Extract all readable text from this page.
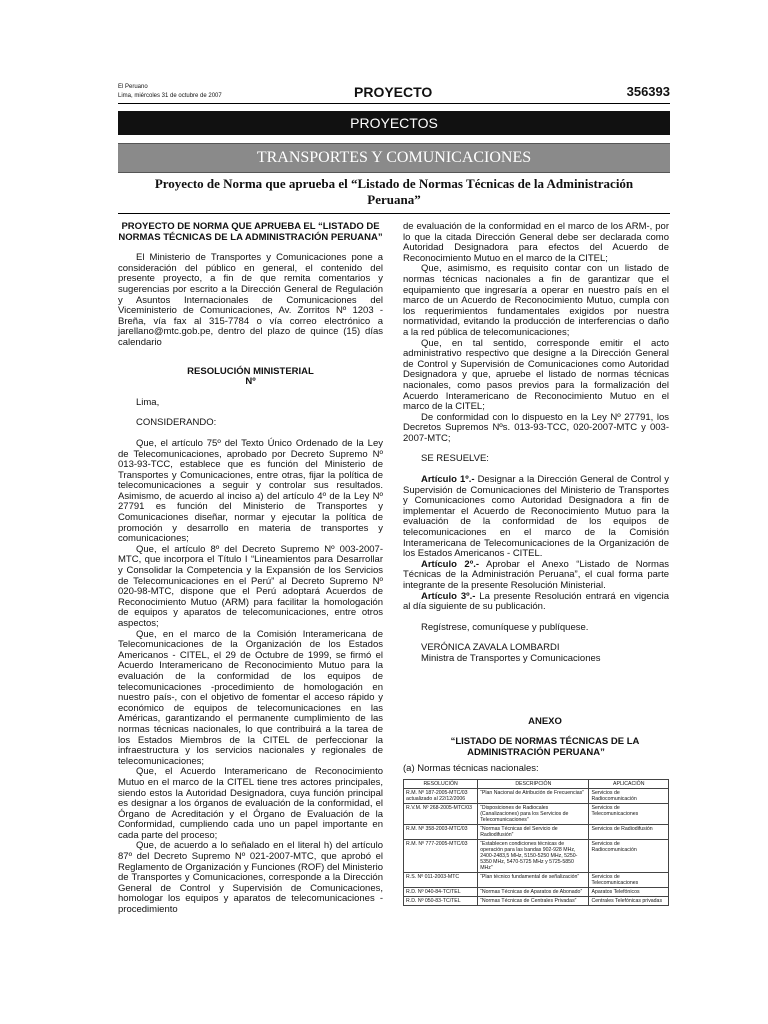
El Peruano
Lima, miércoles 31 de octubre de 2007	PROYECTO	356393
PROYECTOS
TRANSPORTES Y COMUNICACIONES
Proyecto de Norma que aprueba el “Listado de Normas Técnicas de la Administración Peruana”

PROYECTO DE NORMA QUE APRUEBA EL “LISTADO DE NORMAS TÉCNICAS DE LA ADMINISTRACIÓN PERUANA”

El Ministerio de Transportes y Comunicaciones pone a consideración del público en general, el contenido del presente proyecto, a fin de que remita comentarios y sugerencias por escrito a la Dirección General de Regulación y Asuntos Internacionales de Comunicaciones del Viceministerio de Comunicaciones, Av. Zorritos Nº 1203 - Breña, vía fax al 315-7784 o vía correo electrónico a jarellano@mtc.gob.pe, dentro del plazo de quince (15) días calendario

RESOLUCIÓN MINISTERIAL

Nº

Lima,

CONSIDERANDO:

Que, el artículo 75º del Texto Único Ordenado de la Ley de Telecomunicaciones, aprobado por Decreto Supremo Nº 013-93-TCC, establece que es función del Ministerio de Transportes y Comunicaciones, entre otras, fijar la política de telecomunicaciones a seguir y controlar sus resultados. Asimismo, de acuerdo al inciso a) del artículo 4º de la Ley Nº 27791 es función del Ministerio de Transportes y Comunicaciones diseñar, normar y ejecutar la política de promoción y desarrollo en materia de transportes y comunicaciones;

Que, el artículo 8º del Decreto Supremo Nº 003-2007-MTC, que incorpora el Título I “Lineamientos para Desarrollar y Consolidar la Competencia y la Expansión de los Servicios de Telecomunicaciones en el Perú” al Decreto Supremo Nº 020-98-MTC, dispone que el Perú adoptará Acuerdos de Reconocimiento Mutuo (ARM) para facilitar la homologación de equipos y aparatos de telecomunicaciones, entre otros aspectos;

Que, en el marco de la Comisión Interamericana de Telecomunicaciones de la Organización de los Estados Americanos - CITEL, el 29 de Octubre de 1999, se firmó el Acuerdo Interamericano de Reconocimiento Mutuo para la evaluación de la conformidad de los equipos de telecomunicaciones -procedimiento de homologación en nuestro país-, con el objetivo de fomentar el acceso rápido y económico de equipos de telecomunicaciones en las Américas, garantizando el permanente cumplimiento de las normas técnicas nacionales, lo que contribuirá a la tarea de los Estados Miembros de la CITEL de perfeccionar la infraestructura y los servicios nacionales y regionales de telecomunicaciones;

Que, el Acuerdo Interamericano de Reconocimiento Mutuo en el marco de la CITEL tiene tres actores principales, siendo estos la Autoridad Designadora, cuya función principal es designar a los órganos de evaluación de la conformidad, el Órgano de Acreditación y el Órgano de Evaluación de la Conformidad, cumpliendo cada uno un papel importante en cada parte del proceso;

Que, de acuerdo a lo señalado en el literal h) del artículo 87º del Decreto Supremo Nº 021-2007-MTC, que aprobó el Reglamento de Organización y Funciones (ROF) del Ministerio de Transportes y Comunicaciones, corresponde a la Dirección General de Control y Supervisión de Comunicaciones, homologar los equipos y aparatos de telecomunicaciones -procedimiento

de evaluación de la conformidad en el marco de los ARM-, por lo que la citada Dirección General debe ser declarada como Autoridad Designadora para efectos del Acuerdo de Reconocimiento Mutuo en el marco de la CITEL;

Que, asimismo, es requisito contar con un listado de normas técnicas nacionales a fin de garantizar que el equipamiento que ingresaría a operar en nuestro país en el marco de un Acuerdo de Reconocimiento Mutuo, cumpla con los requerimientos fundamentales exigidos por nuestra normatividad, evitando la producción de interferencias o daño a la red pública de telecomunicaciones;

Que, en tal sentido, corresponde emitir el acto administrativo respectivo que designe a la Dirección General de Control y Supervisión de Comunicaciones como Autoridad Designadora y que, apruebe el listado de normas técnicas nacionales, como pasos previos para la formalización del Acuerdo Interamericano de Reconocimiento Mutuo en el marco de la CITEL;

De conformidad con lo dispuesto en la Ley Nº 27791, los Decretos Supremos Nºs. 013-93-TCC, 020-2007-MTC y 003-2007-MTC;

SE RESUELVE:

Artículo 1º.- Designar a la Dirección General de Control y Supervisión de Comunicaciones del Ministerio de Transportes y Comunicaciones como Autoridad Designadora a fin de implementar el Acuerdo de Reconocimiento Mutuo para la evaluación de la conformidad de los equipos de telecomunicaciones en el marco de la Comisión Interamericana de Telecomunicaciones de la Organización de los Estados Americanos - CITEL.

Artículo 2º.- Aprobar el Anexo “Listado de Normas Técnicas de la Administración Peruana”, el cual forma parte integrante de la presente Resolución Ministerial.

Artículo 3º.- La presente Resolución entrará en vigencia al día siguiente de su publicación.

Regístrese, comuníquese y publíquese.

VERÓNICA ZAVALA LOMBARDI

Ministra de Transportes y Comunicaciones

ANEXO

“LISTADO DE NORMAS TÉCNICAS DE LA ADMINISTRACIÓN PERUANA”

(a) Normas técnicas nacionales:

RESOLUCIÓN	DESCRIPCIÓN	APLICACIÓN
R.M. Nº 187-2005-MTC/03 actualizado al 22/12/2006	“Plan Nacional de Atribución de Frecuencias”	Servicios de Radiocomunicación
R.V.M. Nº 268-2005-MTC/03	“Disposiciones de Radiocales (Canalizaciones) para los Servicios de Telecomunicaciones”	Servicios de Telecomunicaciones
R.M. Nº 358-2003-MTC/03	“Normas Técnicas del Servicio de Radiodifusión”	Servicios de Radiodifusión
R.M. Nº 777-2005-MTC/03	“Establecen condiciones técnicas de operación para las bandas 902-928 MHz, 2400-2483,5 MHz, 5150-5250 MHz, 5250-5350 MHz, 5470-5725 MHz y 5725-5850 MHz”	Servicios de Radiocomunicación
R.S. Nº 011-2003-MTC	“Plan técnico fundamental de señalización”	Servicios de Telecomunicaciones
R.D. Nº 040-84-TC/TEL	“Normas Técnicas de Aparatos de Abonado”	Aparatos Telefónicos
R.D. Nº 050-83-TC/TEL	“Normas Técnicas de Centrales Privadas”	Centrales Telefónicas privadas
